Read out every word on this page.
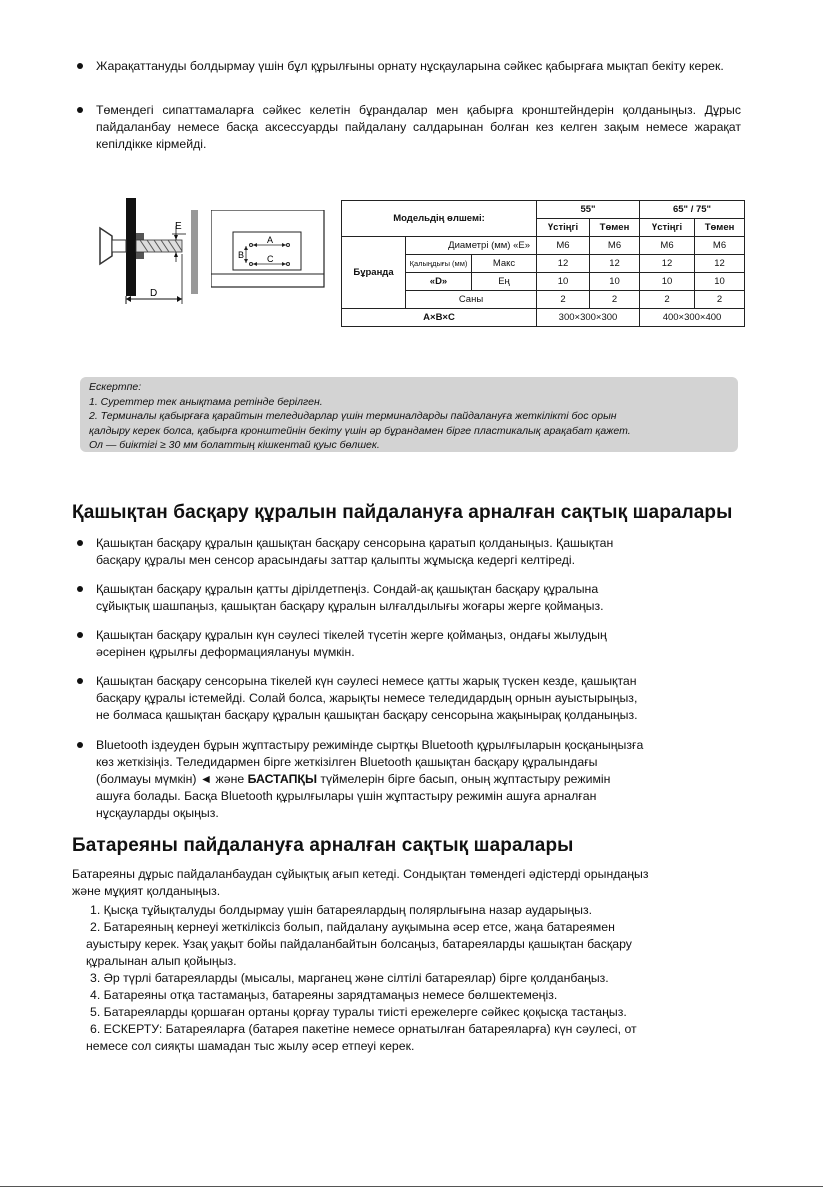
Жарақаттануды болдырмау үшін бұл құрылғыны орнату нұсқауларына сәйкес қабырғаға мықтап бекіту керек.
Төмендегі сипаттамаларға сәйкес келетін бұрандалар мен қабырға кронштейндерін қолданыңыз. Дұрыс пайдаланбау немесе басқа аксессуарды пайдалану салдарынан болған кез келген зақым немесе жарақат кепілдікке кірмейді.
E
D
A
B	C
Модельдің өлшемі:			55"		65" / 75"	
			Үстіңгі	Төмен	Үстіңгі	Төмен
Бұранда	Диаметрі (мм) «E»		M6	M6	M6	M6
	Қалыңдығы (мм)	Макс	12	12	12	12
	«D»	Ең	10	10	10	10
	Саны		2	2	2	2
A×B×C			300×300×300		400×300×400	
Ескертпе:
1. Суреттер тек анықтама ретінде берілген.
2. Терминалы қабырғаға қарайтын теледидарлар үшін терминалдарды пайдалануға жеткілікті бос орын
қалдыру керек болса, қабырға кронштейнін бекіту үшін әр бұрандамен бірге пластикалық арақабат қажет.
Ол — биіктігі ≥ 30 мм болаттың кішкентай қуыс бөлшек.
Қашықтан басқару құралын пайдалануға арналған сақтық шаралары
Қашықтан басқару құралын қашықтан басқару сенсорына қаратып қолданыңыз. Қашықтан
басқару құралы мен сенсор арасындағы заттар қалыпты жұмысқа кедергі келтіреді.
Қашықтан басқару құралын қатты дірілдетпеңіз. Сондай-ақ қашықтан басқару құралына
сұйықтық шашпаңыз, қашықтан басқару құралын ылғалдылығы жоғары жерге қоймаңыз.
Қашықтан басқару құралын күн сәулесі тікелей түсетін жерге қоймаңыз, ондағы жылудың
әсерінен құрылғы деформациялануы мүмкін.
Қашықтан басқару сенсорына тікелей күн сәулесі немесе қатты жарық түскен кезде, қашықтан
басқару құралы істемейді. Солай болса, жарықты немесе теледидардың орнын ауыстырыңыз,
не болмаса қашықтан басқару құралын қашықтан басқару сенсорына жақынырақ қолданыңыз.
Bluetooth іздеуден бұрын жұптастыру режимінде сыртқы Bluetooth құрылғыларын қосқаныңызға
көз жеткізіңіз. Теледидармен бірге жеткізілген Bluetooth қашықтан басқару құралындағы
(болмауы мүмкін) ◄ және БАСТАПҚЫ түймелерін бірге басып, оның жұптастыру режимін
ашуға болады. Басқа Bluetooth құрылғылары үшін жұптастыру режимін ашуға арналған
нұсқауларды оқыңыз.
Батареяны пайдалануға арналған сақтық шаралары
Батареяны дұрыс пайдаланбаудан сұйықтық ағып кетеді. Сондықтан төмендегі әдістерді орындаңыз
және мұқият қолданыңыз.
1. Қысқа тұйықталуды болдырмау үшін батареялардың полярлығына назар аударыңыз.
2. Батареяның кернеуі жеткіліксіз болып, пайдалану ауқымына әсер етсе, жаңа батареямен
ауыстыру керек. Ұзақ уақыт бойы пайдаланбайтын болсаңыз, батареяларды қашықтан басқару
құралынан алып қойыңыз.
3. Әр түрлі батареяларды (мысалы, марганец және сілтілі батареялар) бірге қолданбаңыз.
4. Батареяны отқа тастамаңыз, батареяны зарядтамаңыз немесе бөлшектемеңіз.
5. Батареяларды қоршаған ортаны қорғау туралы тиісті ережелерге сәйкес қоқысқа тастаңыз.
6. ЕСКЕРТУ: Батареяларға (батарея пакетіне немесе орнатылған батареяларға) күн сәулесі, от
немесе сол сияқты шамадан тыс жылу әсер етпеуі керек.
